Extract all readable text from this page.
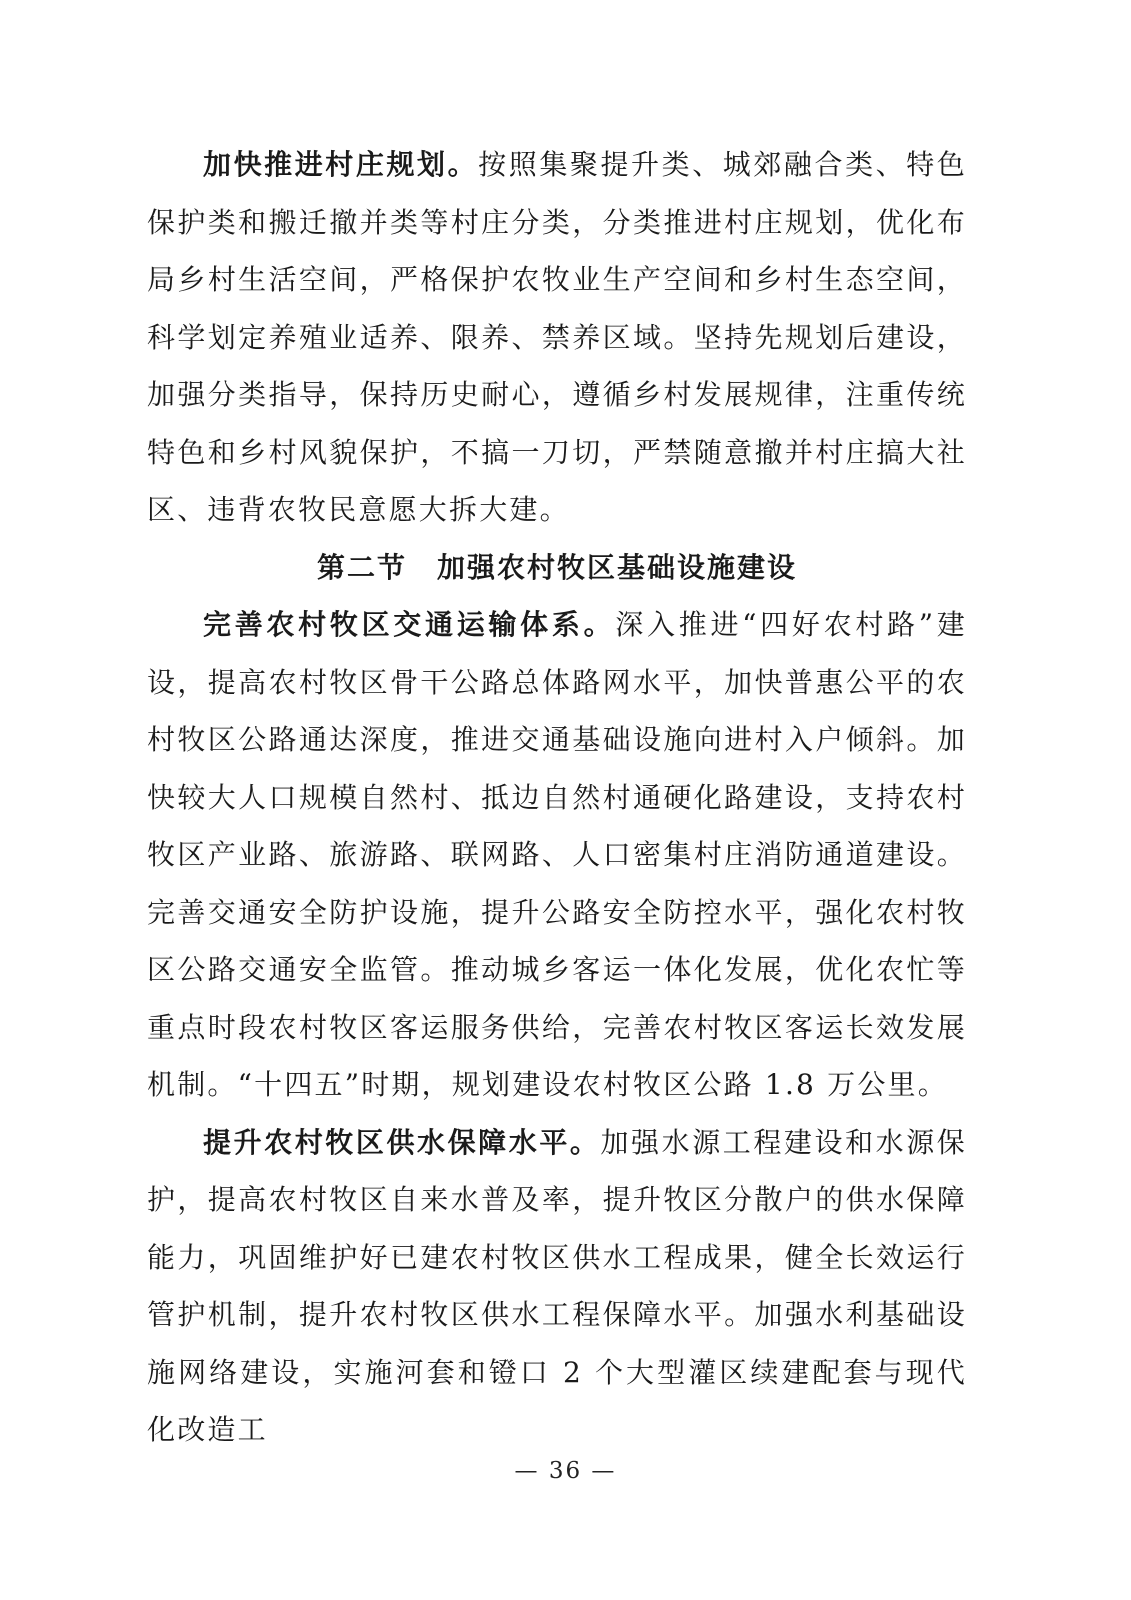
加快推进村庄规划。按照集聚提升类、城郊融合类、特色保护类和搬迁撤并类等村庄分类，分类推进村庄规划，优化布局乡村生活空间，严格保护农牧业生产空间和乡村生态空间，科学划定养殖业适养、限养、禁养区域。坚持先规划后建设，加强分类指导，保持历史耐心，遵循乡村发展规律，注重传统特色和乡村风貌保护，不搞一刀切，严禁随意撤并村庄搞大社区、违背农牧民意愿大拆大建。

第二节 加强农村牧区基础设施建设

完善农村牧区交通运输体系。深入推进“四好农村路”建设，提高农村牧区骨干公路总体路网水平，加快普惠公平的农村牧区公路通达深度，推进交通基础设施向进村入户倾斜。加快较大人口规模自然村、抵边自然村通硬化路建设，支持农村牧区产业路、旅游路、联网路、人口密集村庄消防通道建设。完善交通安全防护设施，提升公路安全防控水平，强化农村牧区公路交通安全监管。推动城乡客运一体化发展，优化农忙等重点时段农村牧区客运服务供给，完善农村牧区客运长效发展机制。“十四五”时期，规划建设农村牧区公路 1.8 万公里。

提升农村牧区供水保障水平。加强水源工程建设和水源保护，提高农村牧区自来水普及率，提升牧区分散户的供水保障能力，巩固维护好已建农村牧区供水工程成果，健全长效运行管护机制，提升农村牧区供水工程保障水平。加强水利基础设施网络建设，实施河套和镫口 2 个大型灌区续建配套与现代化改造工

— 36 —
